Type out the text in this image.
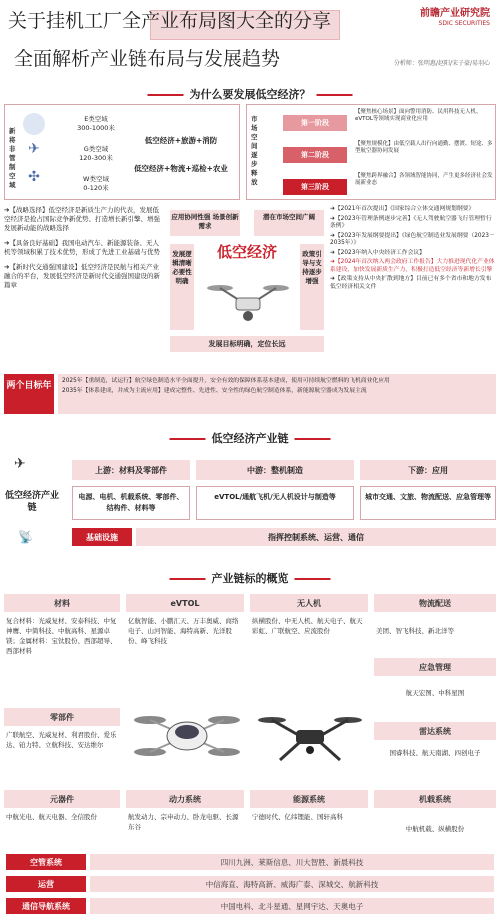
关于挂机工厂全产业布局图大全的分享
全面解析产业链布局与发展趋势
前瞻产业研究院
SDIC SECURITIES
分析师：张明惠/赵阳/宋子豪/易羽心
为什么要发展低空经济？
新将非管制空域
✈
✣
E类空域
300-1000米
G类空域
120-300米
W类空域
0-120米
低空经济+旅游+消防
低空经济+物流+巡检+农业
市场空间逐步释放
第一阶段
第二阶段
第三阶段
【聚焦核心场景】面向警用消防、民用科技无人机、eVTOL等领域实现商业化应用
【聚焦规模化】由低空载人出行向通勤、摆渡、短途、多型航空器协同发展
【聚焦跨界融合】各领域智能协同，产生更多经济社会发展新业态
➔【战略选择】低空经济是新质生产力的代表，发展低空经济是抢占国际竞争新优势、打造增长新引擎、增强发展新动能的战略选择
➔【具备良好基础】我国电动汽车、新能源装备、无人机等领域积累了技术优势，形成了先进工业基础与优势
➔【新时代交通强国建设】低空经济是民航与相关产业融合的平台，发展低空经济是新时代交通强国建设的新篇章
应用协同性强 场景创新需求
潜在市场空间广阔
发展逻辑清晰必要性明确
政策引导与支持逐步增强
低空经济
发展目标明确，定位长远
➔【2021年首次提出】《国家综合立体交通网规划纲要》
➔【2023年管理条例逐步完善】《无人驾驶航空器飞行管理暂行条例》
➔【2023年发展纲要提出】《绿色航空制造业发展纲要（2023－2035年）》
➔【2023年纳入中央经济工作会议】
➔【2024年首次纳入两会政府工作报告】大力推进现代化产业体系建设，加快发展新质生产力，积极打造低空经济等新增长引擎
➔【政策支持从中央扩散到地方】目前已有多个省市和地方发布低空经济相关文件
两个目标年	2025年【重制造，试运行】航空绿色制造水平全面提升，安全有效的保障体系基本建成，使用可持续航空燃料的飞机商业化应用
2035年【体系建成，并成为主流应用】建成完整性、先进性、安全性的绿色航空制造体系，新能源航空器成为发展主流
低空经济产业链
✈
低空经济产业链
📡
上游：材料及零部件	中游：整机制造	下游：应用
电源、电机、机载系统、零部件、结构件、材料等
eVTOL/通航飞机/无人机设计与制造等	城市交通、文旅、物流配送、应急管理等
基础设施	指挥控制系统、运营、通信
产业链标的概览
材料
复合材料：光威复材、安泰科技、中复神鹰、中简科技、中航高科、星源卓镁；金属材料：宝钛股份、西部超导、西部材料
零部件
广联航空、光威复材、利君股份、爱乐达、铂力特、立航科技、安达维尔
元器件
中航光电、航天电器、全信股份
eVTOL
亿航智能、小鹏汇天、万丰奥威、商络电子、山河智能、海特高新、光洋股份、峰飞科技
动力系统
航发动力、宗申动力、卧龙电驱、长源东谷
无人机
纵横股份、中无人机、航天电子、航天彩虹、广联航空、应流股份
能源系统
宁德时代、亿纬锂能、国轩高科
物流配送
美团、智飞科技、新北洋等
应急管理
航天宏图、中科星图
雷达系统
国睿科技、航天南湖、四创电子
机载系统
中航机载、纵横股份
空管系统	四川九洲、莱斯信息、川大智胜、新晨科技
运营	中信海直、海特高新、威海广泰、深城交、航新科技
通信导航系统	中国电科、北斗星通、星网宇达、天奥电子
